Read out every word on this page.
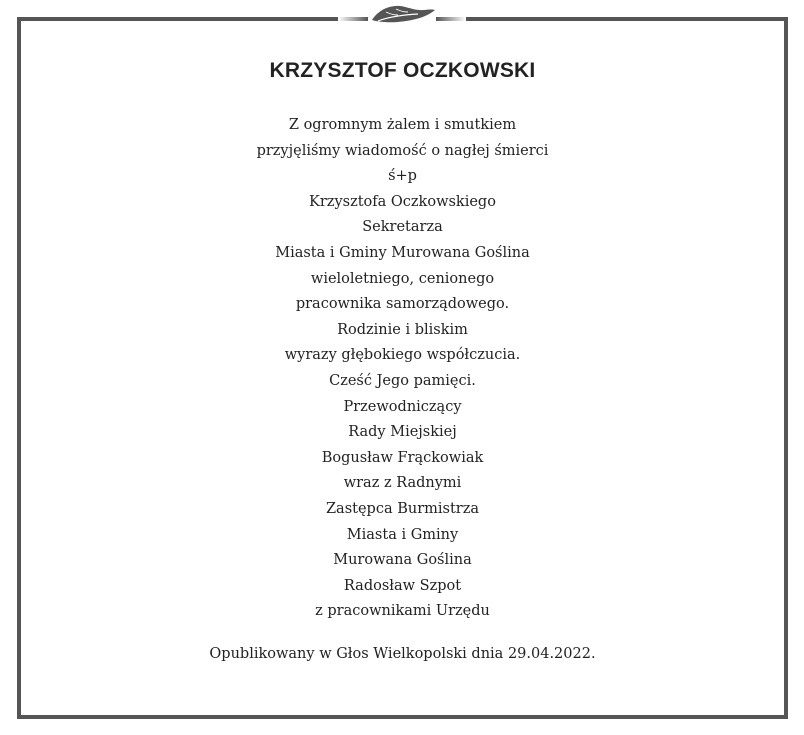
KRZYSZTOF OCZKOWSKI
Z ogromnym żalem i smutkiem
przyjęliśmy wiadomość o nagłej śmierci
ś+p
Krzysztofa Oczkowskiego
Sekretarza
Miasta i Gminy Murowana Goślina
wieloletniego, cenionego
pracownika samorządowego.
Rodzinie i bliskim
wyrazy głębokiego współczucia.
Cześć Jego pamięci.
Przewodniczący
Rady Miejskiej
Bogusław Frąckowiak
wraz z Radnymi
Zastępca Burmistrza
Miasta i Gminy
Murowana Goślina
Radosław Szpot
z pracownikami Urzędu
Opublikowany w Głos Wielkopolski dnia 29.04.2022.
